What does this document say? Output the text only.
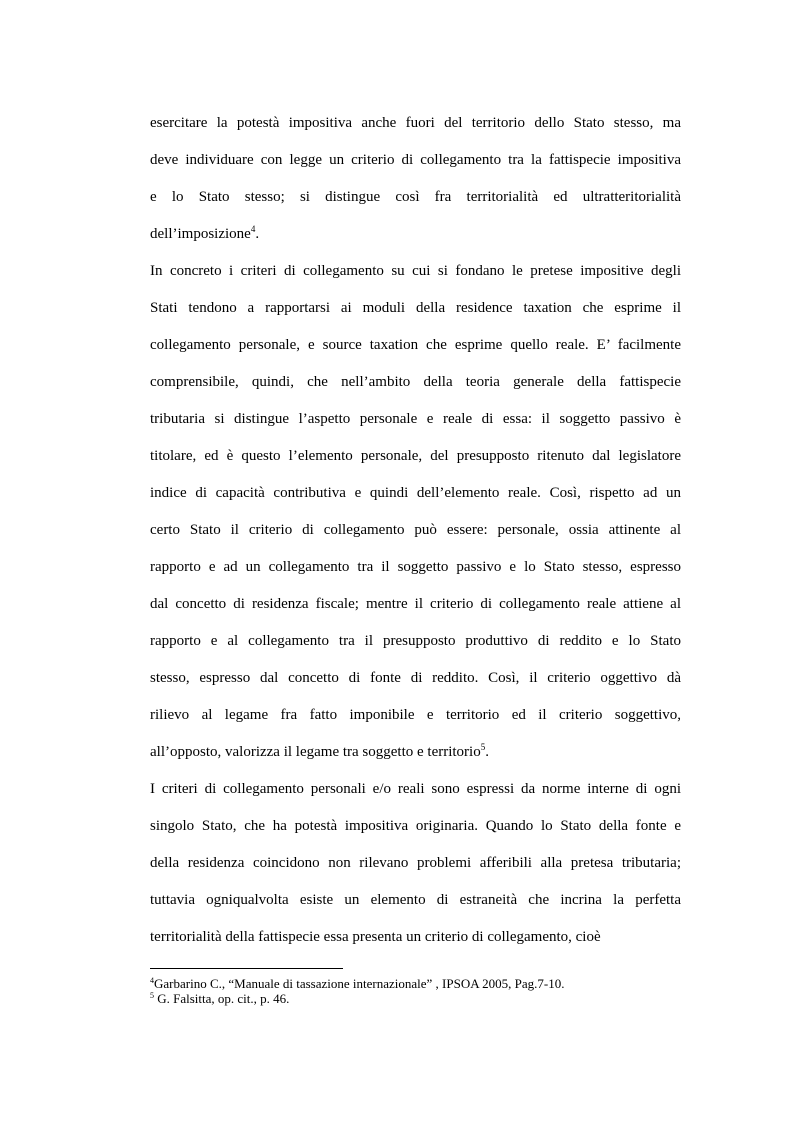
esercitare la potestà impositiva anche fuori del territorio dello Stato stesso, ma
deve individuare con legge un criterio di collegamento tra la fattispecie impositiva
e lo Stato stesso; si distingue così fra territorialità ed ultratteritorialità
dell’imposizione$^4$.
In concreto i criteri di collegamento su cui si fondano le pretese impositive degli
Stati tendono a rapportarsi ai moduli della residence taxation che esprime il
collegamento personale, e source taxation che esprime quello reale. E’ facilmente
comprensibile, quindi, che nell’ambito della teoria generale della fattispecie
tributaria si distingue l’aspetto personale e reale di essa: il soggetto passivo è
titolare, ed è questo l’elemento personale, del presupposto ritenuto dal legislatore
indice di capacità contributiva e quindi dell’elemento reale. Così, rispetto ad un
certo Stato il criterio di collegamento può essere: personale, ossia attinente al
rapporto e ad un collegamento tra il soggetto passivo e lo Stato stesso, espresso
dal concetto di residenza fiscale; mentre il criterio di collegamento reale attiene al
rapporto e al collegamento tra il presupposto produttivo di reddito e lo Stato
stesso, espresso dal concetto di fonte di reddito. Così, il criterio oggettivo dà
rilievo al legame fra fatto imponibile e territorio ed il criterio soggettivo,
all’opposto, valorizza il legame tra soggetto e territorio$^5$.
I criteri di collegamento personali e/o reali sono espressi da norme interne di ogni
singolo Stato, che ha potestà impositiva originaria. Quando lo Stato della fonte e
della residenza coincidono non rilevano problemi afferibili alla pretesa tributaria;
tuttavia ogniqualvolta esiste un elemento di estraneità che incrina la perfetta
territorialità della fattispecie essa presenta un criterio di collegamento, cioè
$^4$Garbarino C., “Manuale di tassazione internazionale” , IPSOA 2005, Pag.7-10.
$^5$ G. Falsitta, op. cit., p. 46.
